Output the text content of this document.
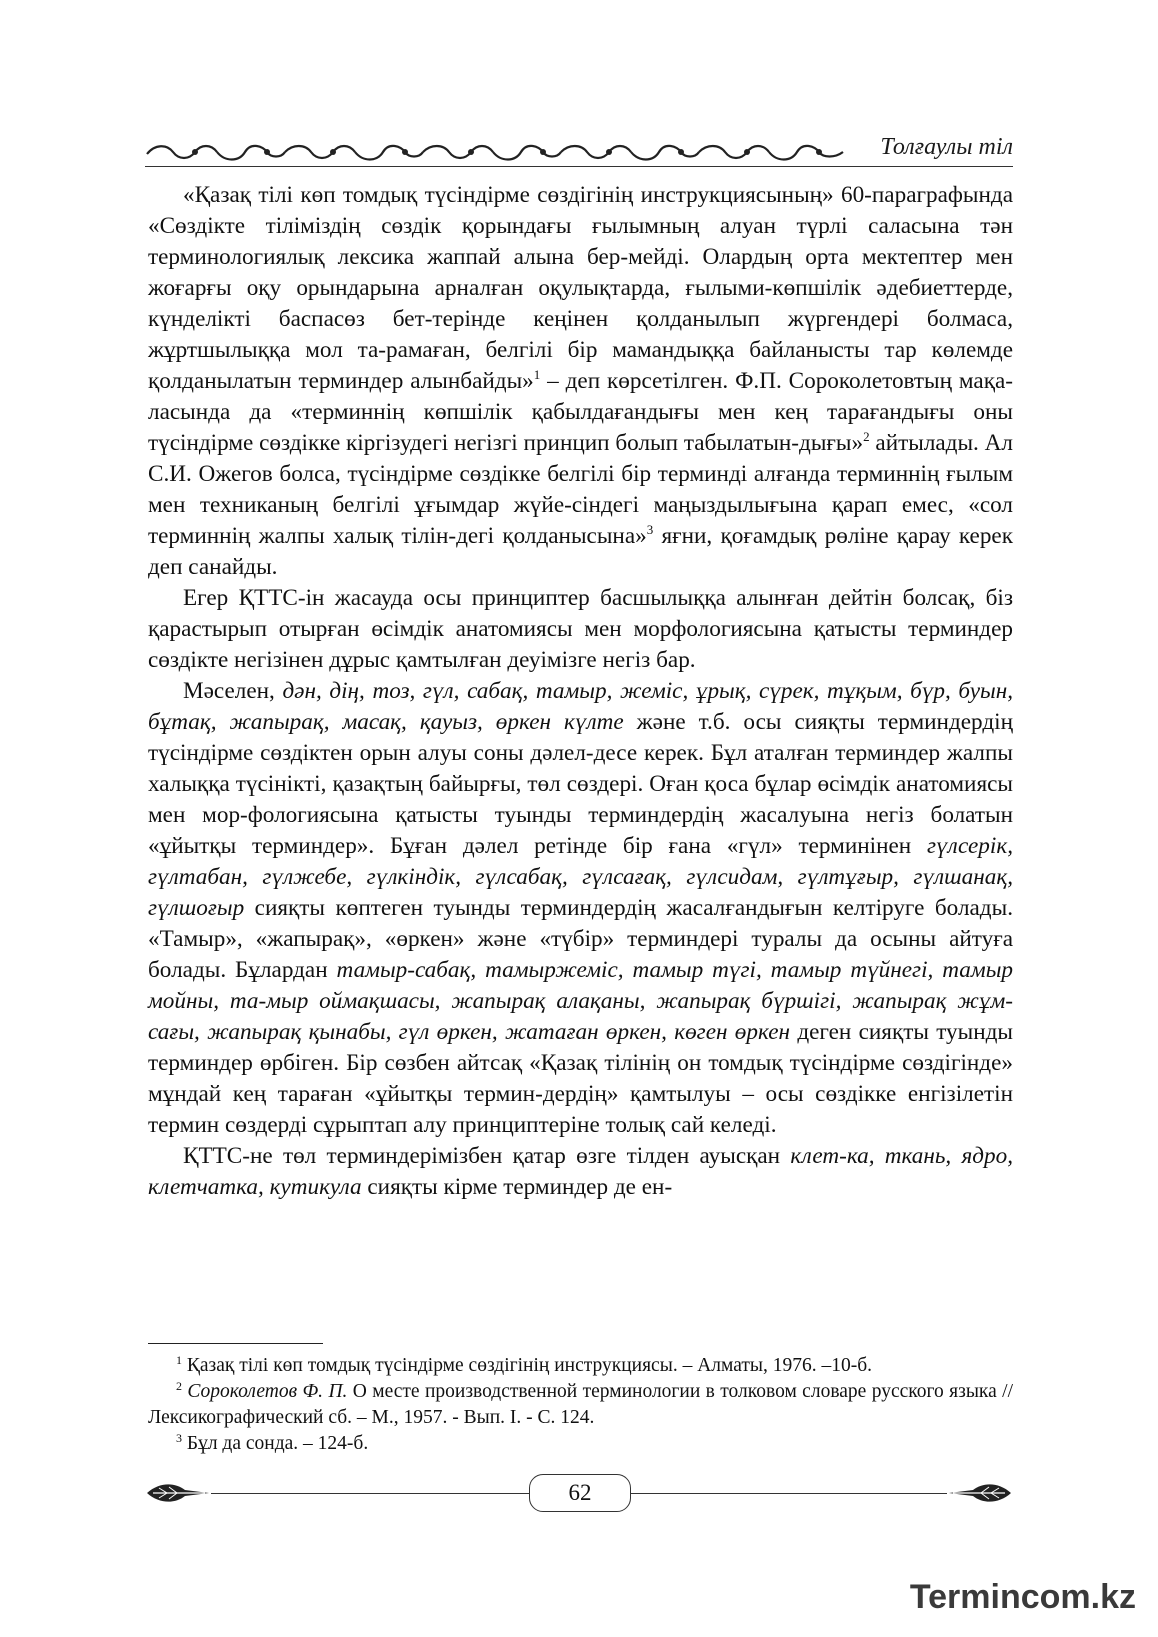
Толғаулы тіл

«Қазақ тілі көп томдық түсіндірме сөздігінің инструкциясының» 60-параграфында «Сөздікте тіліміздің сөздік қорындағы ғылымның алуан түрлі саласына тән терминологиялық лексика жаппай алына бер-мейді. Олардың орта мектептер мен жоғарғы оқу орындарына арналған оқулықтарда, ғылыми-көпшілік әдебиеттерде, күнделікті баспасөз бет-терінде кеңінен қолданылып жүргендері болмаса, жұртшылыққа мол та-рамаған, белгілі бір мамандыққа байланысты тар көлемде қолданылатын терминдер алынбайды»$^1$ – деп көрсетілген. Ф.П. Сороколетовтың мақа-ласында да «терминнің көпшілік қабылдағандығы мен кең тарағандығы оны түсіндірме сөздікке кіргізудегі негізгі принцип болып табылатын-дығы»$^2$ айтылады. Ал С.И. Ожегов болса, түсіндірме сөздікке белгілі бір терминді алғанда терминнің ғылым мен техниканың белгілі ұғымдар жүйе-сіндегі маңыздылығына қарап емес, «сол терминнің жалпы халық тілін-дегі қолданысына»$^3$ яғни, қоғамдық рөліне қарау керек деп санайды.

Егер ҚТТС-ін жасауда осы принциптер басшылыққа алынған дейтін болсақ, біз қарастырып отырған өсімдік анатомиясы мен морфологиясына қатысты терминдер сөздікте негізінен дұрыс қамтылған деуімізге негіз бар.

Мәселен, дән, дің, тоз, гүл, сабақ, тамыр, жеміс, ұрық, сүрек, тұқым, бүр, буын, бұтақ, жапырақ, масақ, қауыз, өркен күлте және т.б. осы сияқты терминдердің түсіндірме сөздіктен орын алуы соны дәлел-десе керек. Бұл аталған терминдер жалпы халыққа түсінікті, қазақтың байырғы, төл сөздері. Оған қоса бұлар өсімдік анатомиясы мен мор-фологиясына қатысты туынды терминдердің жасалуына негіз болатын «ұйытқы терминдер». Бұған дәлел ретінде бір ғана «гүл» терминінен гүлсерік, гүлтабан, гүлжебе, гүлкіндік, гүлсабақ, гүлсағақ, гүлсидам, гүлтұғыр, гүлшанақ, гүлшоғыр сияқты көптеген туынды терминдердің жасалғандығын келтіруге болады. «Тамыр», «жапырақ», «өркен» және «түбір» терминдері туралы да осыны айтуға болады. Бұлардан тамыр-сабақ, тамыржеміс, тамыр түгі, тамыр түйнегі, тамыр мойны, та-мыр оймақшасы, жапырақ алақаны, жапырақ бүршігі, жапырақ жұм-сағы, жапырақ қынабы, гүл өркен, жатаған өркен, көген өркен деген сияқты туынды терминдер өрбіген. Бір сөзбен айтсақ «Қазақ тілінің он томдық түсіндірме сөздігінде» мұндай кең тараған «ұйытқы термин-дердің» қамтылуы – осы сөздікке енгізілетін термин сөздерді сұрыптап алу принциптеріне толық сай келеді.

ҚТТС-не төл терминдерімізбен қатар өзге тілден ауысқан клет-ка, ткань, ядро, клетчатка, кутикула сияқты кірме терминдер де ен-

$^1$ Қазақ тілі көп томдық түсіндірме сөздігінің инструкциясы. – Алматы, 1976. –10-б.

$^2$ Сороколетов Ф. П. О месте производственной терминологии в толковом словаре русского языка //Лексикографический сб. – М., 1957. - Вып. I. - С. 124.

$^3$ Бұл да сонда. – 124-б.

62
Termincom.kz
